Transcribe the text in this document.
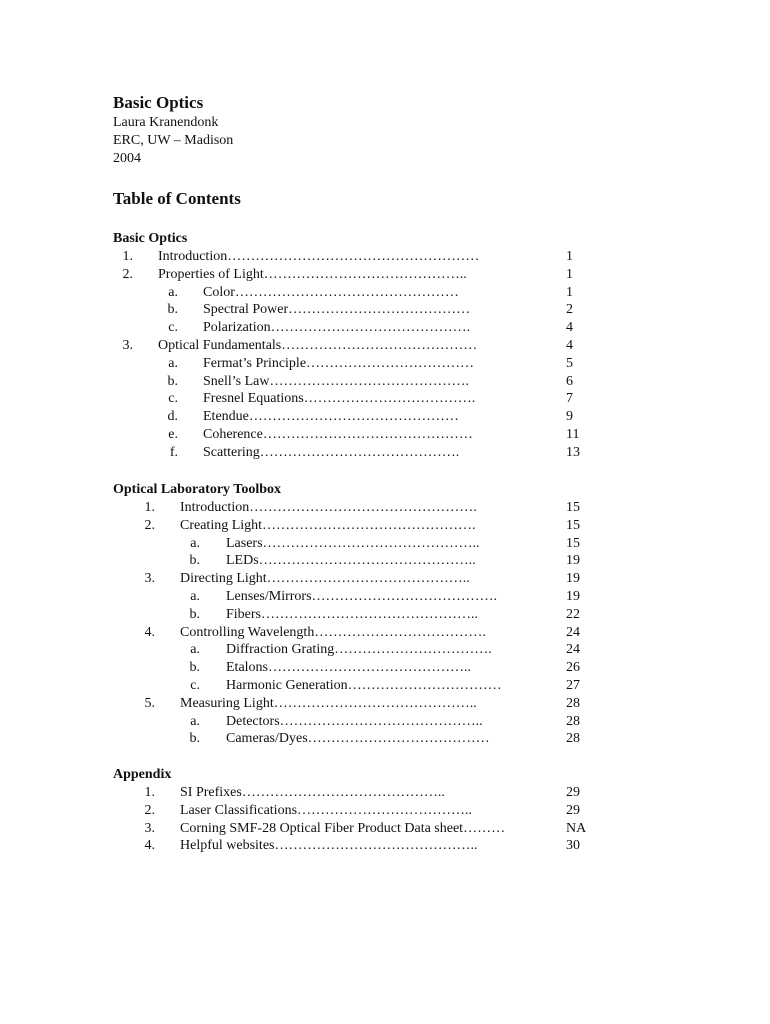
Basic Optics
Laura Kranendonk
ERC, UW – Madison
2004
Table of Contents
Basic Optics
1. Introduction………………………………………………	1
2. Properties of Light……………………………………..	1
a. Color…………………………………………	1
b. Spectral Power…………………………………	2
c. Polarization…………………………………….	4
3. Optical Fundamentals……………………………………	4
a. Fermat’s Principle………………………………	5
b. Snell’s Law…………………………………….	6
c. Fresnel Equations……………………………….	7
d. Etendue………………………………………	9
e. Coherence………………………………………	11
f. Scattering…………………………………….	13
Optical Laboratory Toolbox
1. Introduction………………………………………….	15
2. Creating Light……………………………………….	15
a. Lasers………………………………………..	15
b. LEDs………………………………………..	19
3. Directing Light……………………………………..	19
a. Lenses/Mirrors………………………………….	19
b. Fibers………………………………………..	22
4. Controlling Wavelength……………………………….	24
a. Diffraction Grating…………………………….	24
b. Etalons……………………………………..	26
c. Harmonic Generation……………………………	27
5. Measuring Light……………………………………..	28
a. Detectors……………………………………..	28
b. Cameras/Dyes…………………………………	28
Appendix
1. SI Prefixes……………………………………..	29
2. Laser Classifications………………………………..	29
3. Corning SMF-28 Optical Fiber Product Data sheet………	NA
4. Helpful websites……………………………………..	30
